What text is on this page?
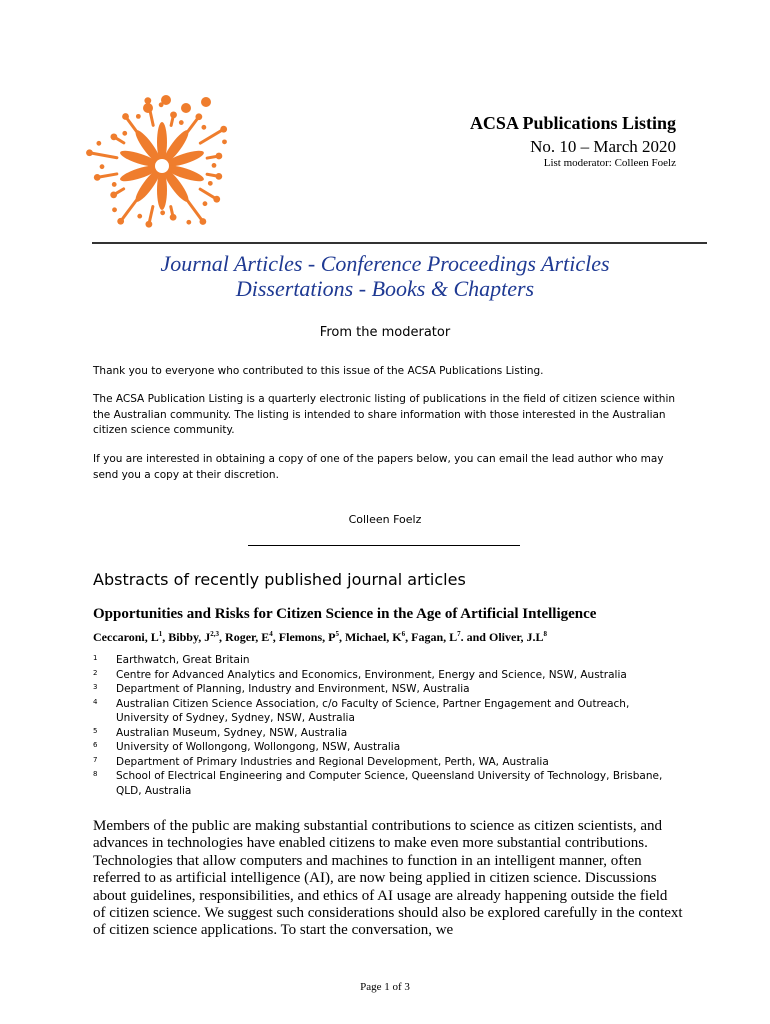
ACSA Publications Listing
No. 10 – March 2020
List moderator: Colleen Foelz
Journal Articles - Conference Proceedings Articles
Dissertations - Books & Chapters
From the moderator
Thank you to everyone who contributed to this issue of the ACSA Publications Listing.
The ACSA Publication Listing is a quarterly electronic listing of publications in the field of citizen science within the Australian community. The listing is intended to share information with those interested in the Australian citizen science community.
If you are interested in obtaining a copy of one of the papers below, you can email the lead author who may send you a copy at their discretion.
Colleen Foelz
Abstracts of recently published journal articles
Opportunities and Risks for Citizen Science in the Age of Artificial Intelligence
Ceccaroni, $L^1$, Bibby, J$^{2,3}$, Roger, $E^4$, Flemons, $P^5$, Michael, $K^6$, Fagan, $L^7$. and Oliver, $J.L^8$
1	Earthwatch, Great Britain
2	Centre for Advanced Analytics and Economics, Environment, Energy and Science, NSW, Australia
3	Department of Planning, Industry and Environment, NSW, Australia
4	Australian Citizen Science Association, c/o Faculty of Science, Partner Engagement and Outreach, University of Sydney, Sydney, NSW, Australia
5	Australian Museum, Sydney, NSW, Australia
6	University of Wollongong, Wollongong, NSW, Australia
7	Department of Primary Industries and Regional Development, Perth, WA, Australia
8	School of Electrical Engineering and Computer Science, Queensland University of Technology, Brisbane, QLD, Australia
Members of the public are making substantial contributions to science as citizen scientists, and advances in technologies have enabled citizens to make even more substantial contributions. Technologies that allow computers and machines to function in an intelligent manner, often referred to as artificial intelligence (AI), are now being applied in citizen science. Discussions about guidelines, responsibilities, and ethics of AI usage are already happening outside the field of citizen science. We suggest such considerations should also be explored carefully in the context of citizen science applications. To start the conversation, we
Page 1 of 3
